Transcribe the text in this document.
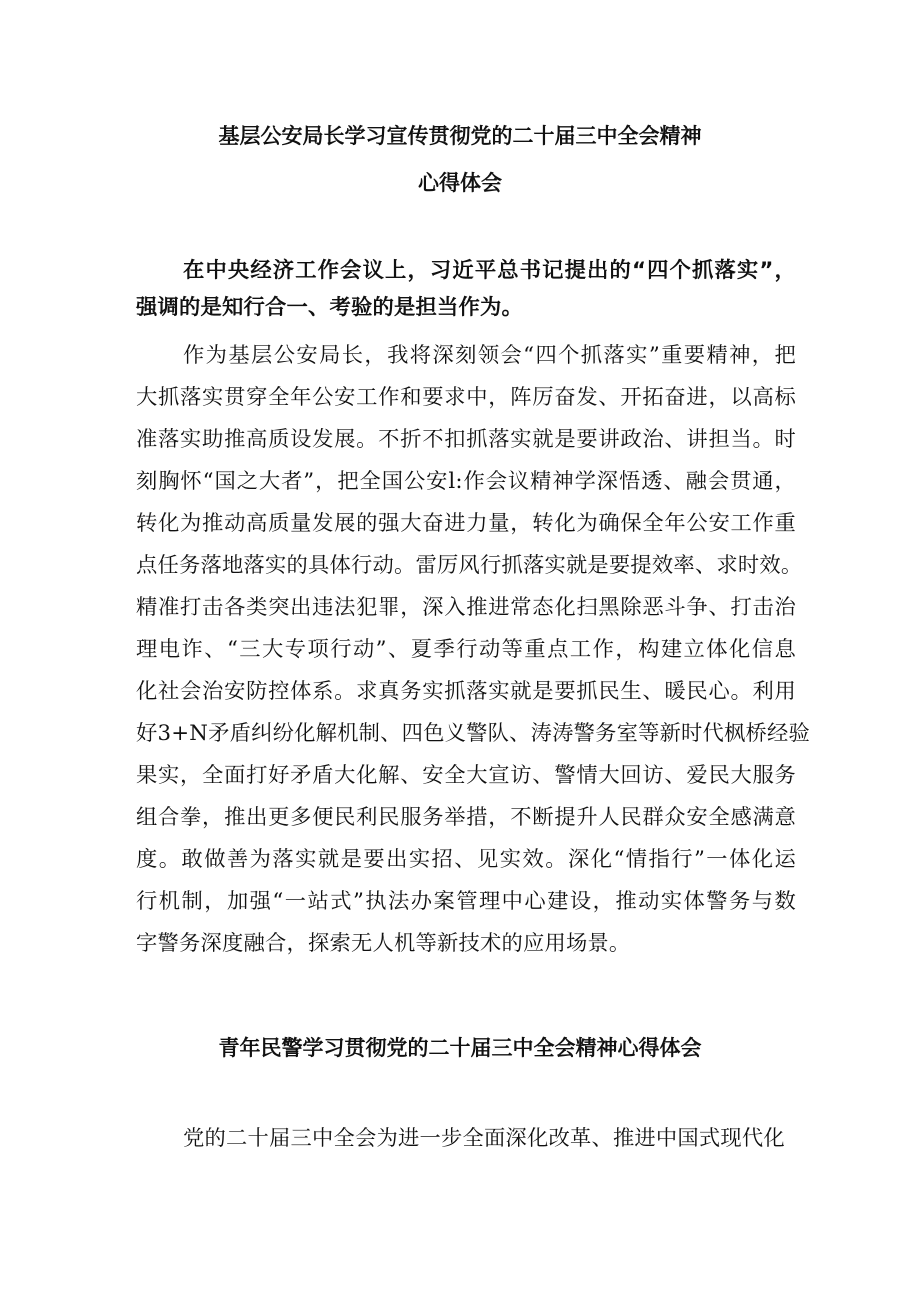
基层公安局长学习宣传贯彻党的二十届三中全会精神
心得体会
在中央经济工作会议上，习近平总书记提出的“四个抓落实”，
强调的是知行合一、考验的是担当作为。
作为基层公安局长，我将深刻领会“四个抓落实”重要精神，把
大抓落实贯穿全年公安工作和要求中，阵厉奋发、开拓奋进，以高标
准落实助推高质设发展。不折不扣抓落实就是要讲政治、讲担当。时
刻胸怀“国之大者”，把全国公安l:作会议精神学深悟透、融会贯通，
转化为推动高质量发展的强大奋进力量，转化为确保全年公安工作重
点任务落地落实的具体行动。雷厉风行抓落实就是要提效率、求时效。
精准打击各类突出违法犯罪，深入推进常态化扫黑除恶斗争、打击治
理电诈、“三大专项行动”、夏季行动等重点工作，构建立体化信息
化社会治安防控体系。求真务实抓落实就是要抓民生、暖民心。利用
好3+N矛盾纠纷化解机制、四色义警队、涛涛警务室等新时代枫桥经验
果实，全面打好矛盾大化解、安全大宣访、警情大回访、爱民大服务
组合拳，推出更多便民利民服务举措，不断提升人民群众安全感满意
度。敢做善为落实就是要出实招、见实效。深化“情指行”一体化运
行机制，加强“一站式”执法办案管理中心建设，推动实体警务与数
字警务深度融合，探索无人机等新技术的应用场景。
青年民警学习贯彻党的二十届三中全会精神心得体会
党的二十届三中全会为进一步全面深化改革、推进中国式现代化
